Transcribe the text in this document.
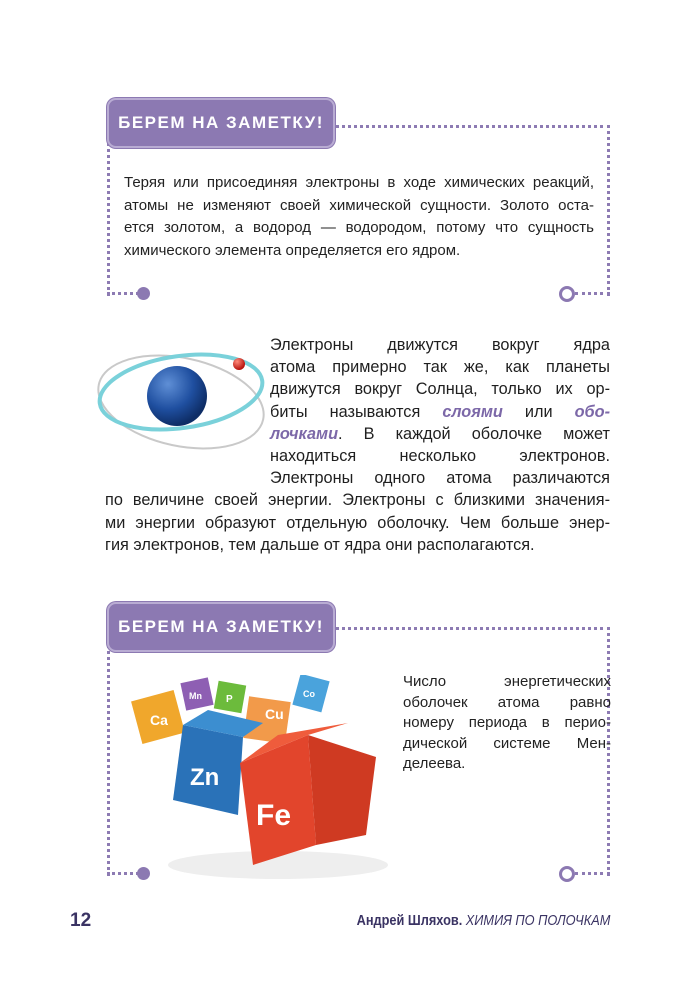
БЕРЕМ НА ЗАМЕТКУ!
Теряя или присоединяя электроны в ходе химических реакций,
атомы не изменяют своей химической сущности. Золото оста-
ется золотом, а водород — водородом, потому что сущность
химического элемента определяется его ядром.
Электроны движутся вокруг ядра
атома примерно так же, как планеты
движутся вокруг Солнца, только их ор-
биты называются слоями или обо-
лочками. В каждой оболочке может
находиться несколько электронов.
Электроны одного атома различаются
по величине своей энергии. Электроны с близкими значения-
ми энергии образуют отдельную оболочку. Чем больше энер-
гия электронов, тем дальше от ядра они располагаются.
БЕРЕМ НА ЗАМЕТКУ!
Число энергетических
оболочек атома равно
номеру периода в перио-
дической системе Мен-
делеева.
Ca
Mn P	Co
Cu
Zn
Fe
12	Андрей Шляхов. ХИМИЯ ПО ПОЛОЧКАМ
